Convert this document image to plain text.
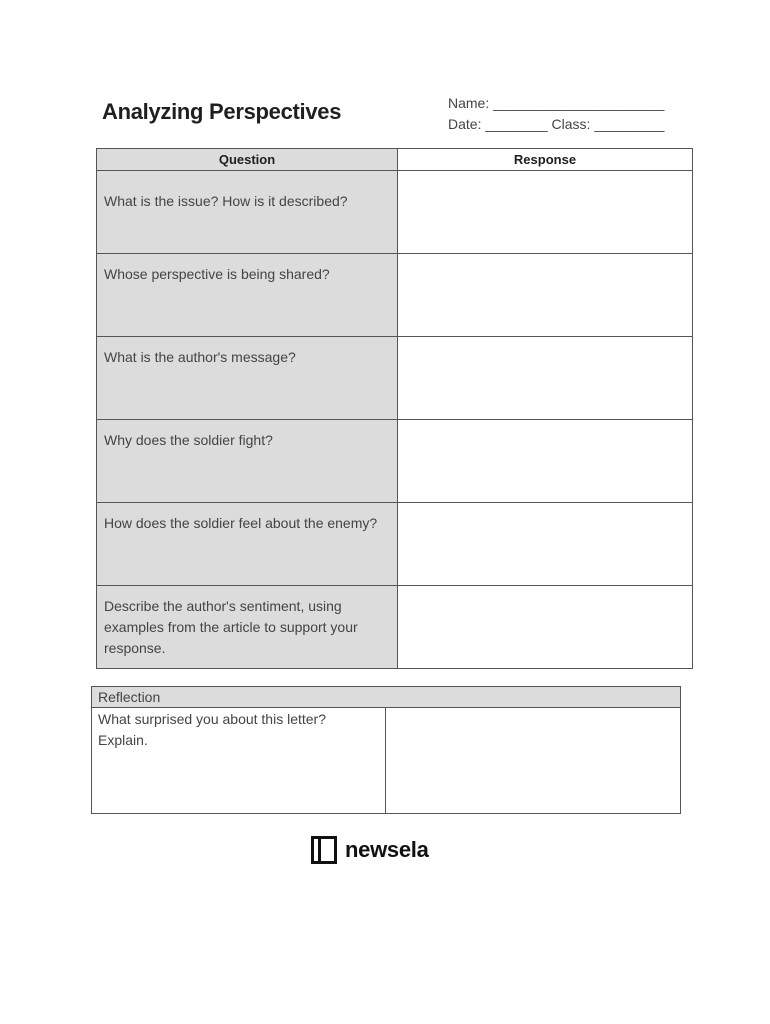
Analyzing Perspectives	Name: ______________________
Date: ________ Class: _________
Question	Response

What is the issue? How is it described?	

Whose perspective is being shared?	

What is the author's message?	

Why does the soldier fight?	

How does the soldier feel about the enemy?	

Describe the author's sentiment, using examples from the article to support your response.	

Reflection
What surprised you about this letter? Explain.	
newsela
